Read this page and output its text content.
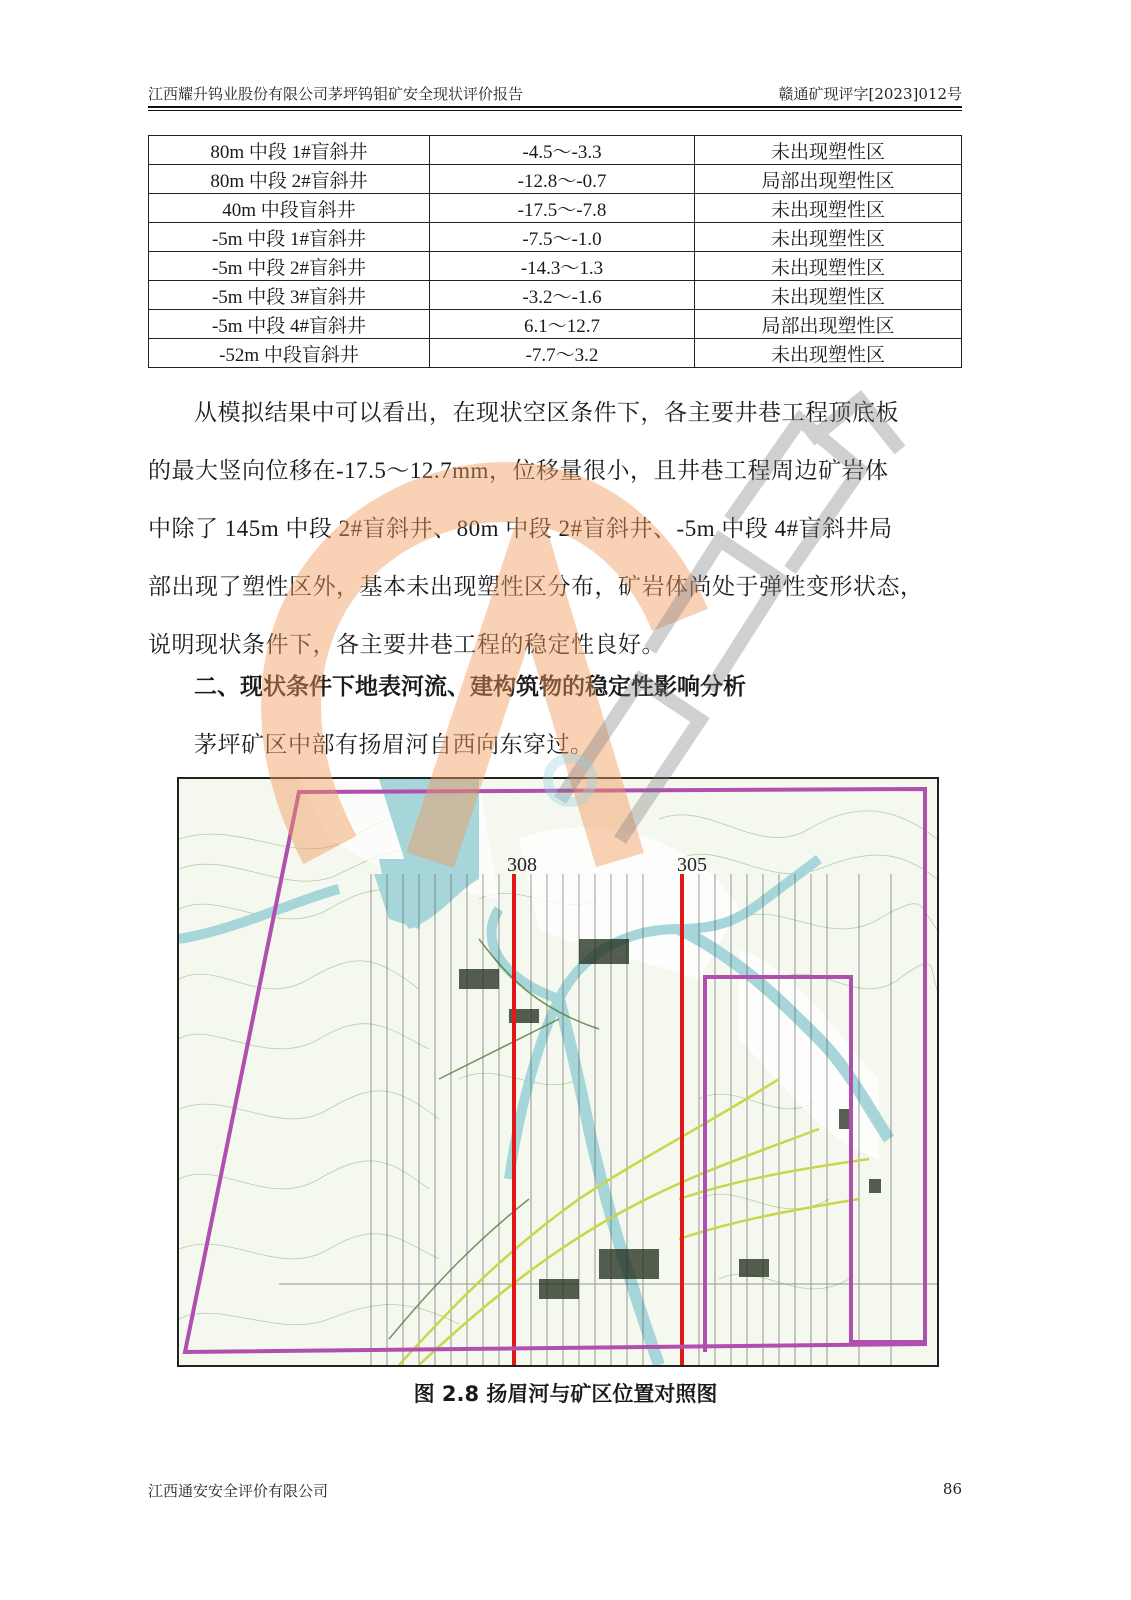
江西耀升钨业股份有限公司茅坪钨钼矿安全现状评价报告	赣通矿现评字[2023]012号
80m 中段 1#盲斜井	-4.5～-3.3	未出现塑性区
80m 中段 2#盲斜井	-12.8～-0.7	局部出现塑性区
40m 中段盲斜井	-17.5～-7.8	未出现塑性区
-5m 中段 1#盲斜井	-7.5～-1.0	未出现塑性区
-5m 中段 2#盲斜井	-14.3～1.3	未出现塑性区
-5m 中段 3#盲斜井	-3.2～-1.6	未出现塑性区
-5m 中段 4#盲斜井	6.1～12.7	局部出现塑性区
-52m 中段盲斜井	-7.7～3.2	未出现塑性区
从模拟结果中可以看出，在现状空区条件下，各主要井巷工程顶底板
的最大竖向位移在-17.5～12.7mm，位移量很小，且井巷工程周边矿岩体
中除了 145m 中段 2#盲斜井、80m 中段 2#盲斜井、-5m 中段 4#盲斜井局
部出现了塑性区外，基本未出现塑性区分布，矿岩体尚处于弹性变形状态，
说明现状条件下，各主要井巷工程的稳定性良好。
二、现状条件下地表河流、建构筑物的稳定性影响分析
茅坪矿区中部有扬眉河自西向东穿过。
308	305
图 2.8 扬眉河与矿区位置对照图
江西通安安全评价有限公司	86
